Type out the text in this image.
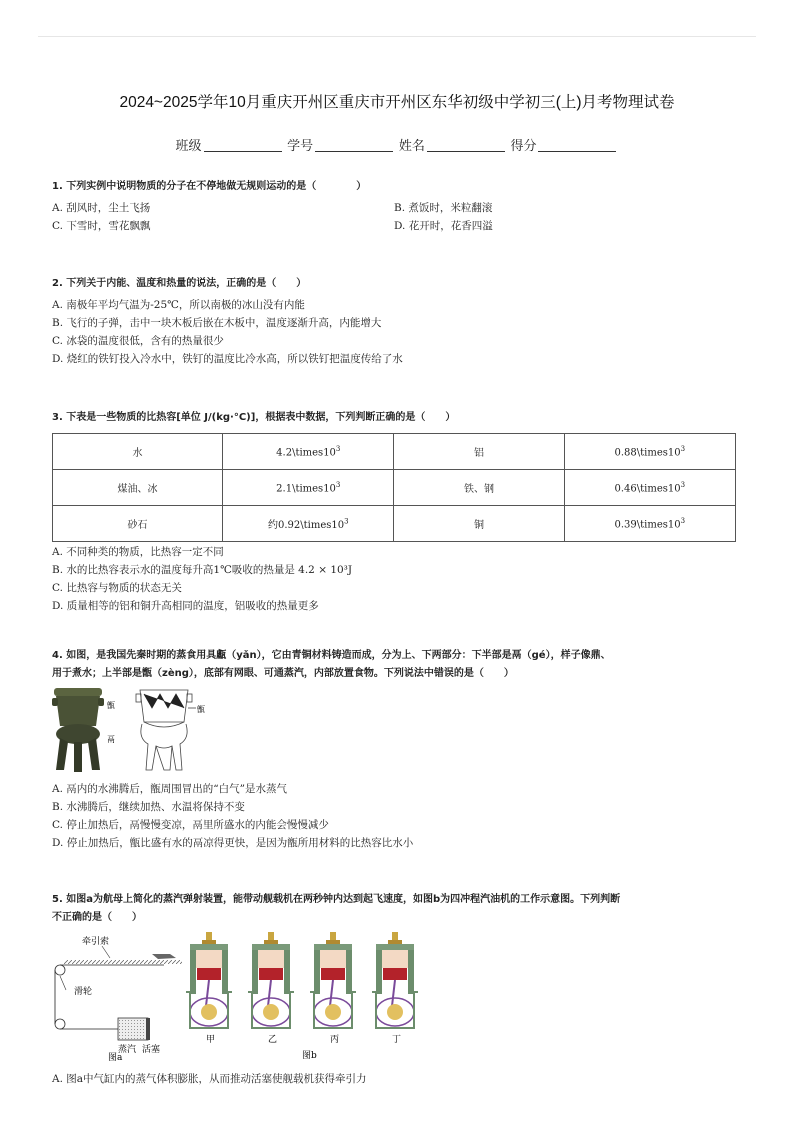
2024~2025学年10月重庆开州区重庆市开州区东华初级中学初三(上)月考物理试卷
班级	学号	姓名	得分
1. 下列实例中说明物质的分子在不停地做无规则运动的是（　　　　）
A. 刮风时，尘土飞扬	B. 煮饭时，米粒翻滚
C. 下雪时，雪花飘飘	D. 花开时，花香四溢
2. 下列关于内能、温度和热量的说法，正确的是（　　）
A. 南极年平均气温为-25℃，所以南极的冰山没有内能
B. 飞行的子弹，击中一块木板后嵌在木板中，温度逐渐升高，内能增大
C. 冰袋的温度很低，含有的热量很少
D. 烧红的铁钉投入冷水中，铁钉的温度比冷水高，所以铁钉把温度传给了水
3. 下表是一些物质的比热容[单位 J/(kg·°C)]，根据表中数据，下列判断正确的是（　　）
水	$4.2\backslash times10^3$	铝	$0.88\backslash times10^3$
煤油、冰	$2.1\backslash times10^3$	铁、钢	$0.46\backslash times10^3$
砂石	约$0.92\backslash times10^3$	铜	$0.39\backslash times10^3$
A. 不同种类的物质，比热容一定不同
B. 水的比热容表示水的温度每升高1℃吸收的热量是 4.2 × 10³J
C. 比热容与物质的状态无关
D. 质量相等的铝和铜升高相同的温度，铝吸收的热量更多
4. 如图，是我国先秦时期的蒸食用具甗（yǎn），它由青铜材料铸造而成，分为上、下两部分：下半部是鬲（gé），样子像鼎、
用于煮水；上半部是甑（zèng），底部有网眼、可通蒸汽，内部放置食物。下列说法中错误的是（　　）
甑
鬲
甑
A. 鬲内的水沸腾后，甑周围冒出的“白气”是水蒸气
B. 水沸腾后，继续加热、水温将保持不变
C. 停止加热后，鬲慢慢变凉，鬲里所盛水的内能会慢慢减少
D. 停止加热后，甑比盛有水的鬲凉得更快，是因为甑所用材料的比热容比水小
5. 如图a为航母上简化的蒸汽弹射装置，能带动舰载机在两秒钟内达到起飞速度，如图b为四冲程汽油机的工作示意图。下列判断
不正确的是（　　）
牵引索
滑轮
蒸汽 活塞
图a
甲	乙	丙	丁
图b
A. 图a中气缸内的蒸气体积膨胀，从而推动活塞使舰载机获得牵引力
